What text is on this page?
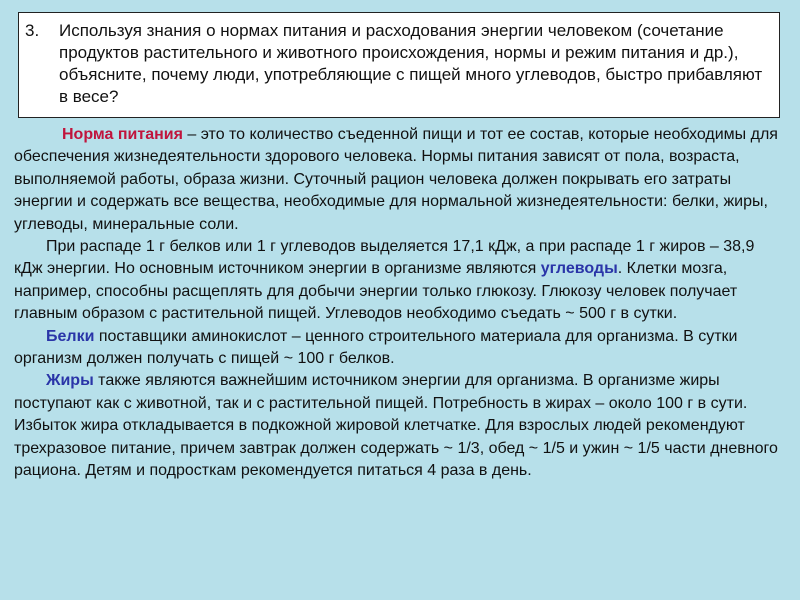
3. Используя знания о нормах питания и расходования энергии человеком (сочетание продуктов растительного и животного происхождения, нормы и режим питания и др.), объясните, почему люди, употребляющие с пищей много углеводов, быстро прибавляют в весе?

Норма питания – это то количество съеденной пищи и тот ее состав, которые необходимы для обеспечения жизнедеятельности здорового человека. Нормы питания зависят от пола, возраста, выполняемой работы, образа жизни. Суточный рацион человека должен покрывать его затраты энергии и содержать все вещества, необходимые для нормальной жизнедеятельности: белки, жиры, углеводы, минеральные соли.

При распаде 1 г белков или 1 г углеводов выделяется 17,1 кДж, а при распаде 1 г жиров – 38,9 кДж энергии. Но основным источником энергии в организме являются углеводы. Клетки мозга, например, способны расщеплять для добычи энергии только глюкозу. Глюкозу человек получает главным образом с растительной пищей. Углеводов необходимо съедать ~ 500 г в сутки.

Белки поставщики аминокислот – ценного строительного материала для организма. В сутки организм должен получать с пищей ~ 100 г белков.

Жиры также являются важнейшим источником энергии для организма. В организме жиры поступают как с животной, так и с растительной пищей. Потребность в жирах – около 100 г в сути. Избыток жира откладывается в подкожной жировой клетчатке. Для взрослых людей рекомендуют трехразовое питание, причем завтрак должен содержать ~ 1/3, обед ~ 1/5 и ужин ~ 1/5 части дневного рациона. Детям и подросткам рекомендуется питаться 4 раза в день.
